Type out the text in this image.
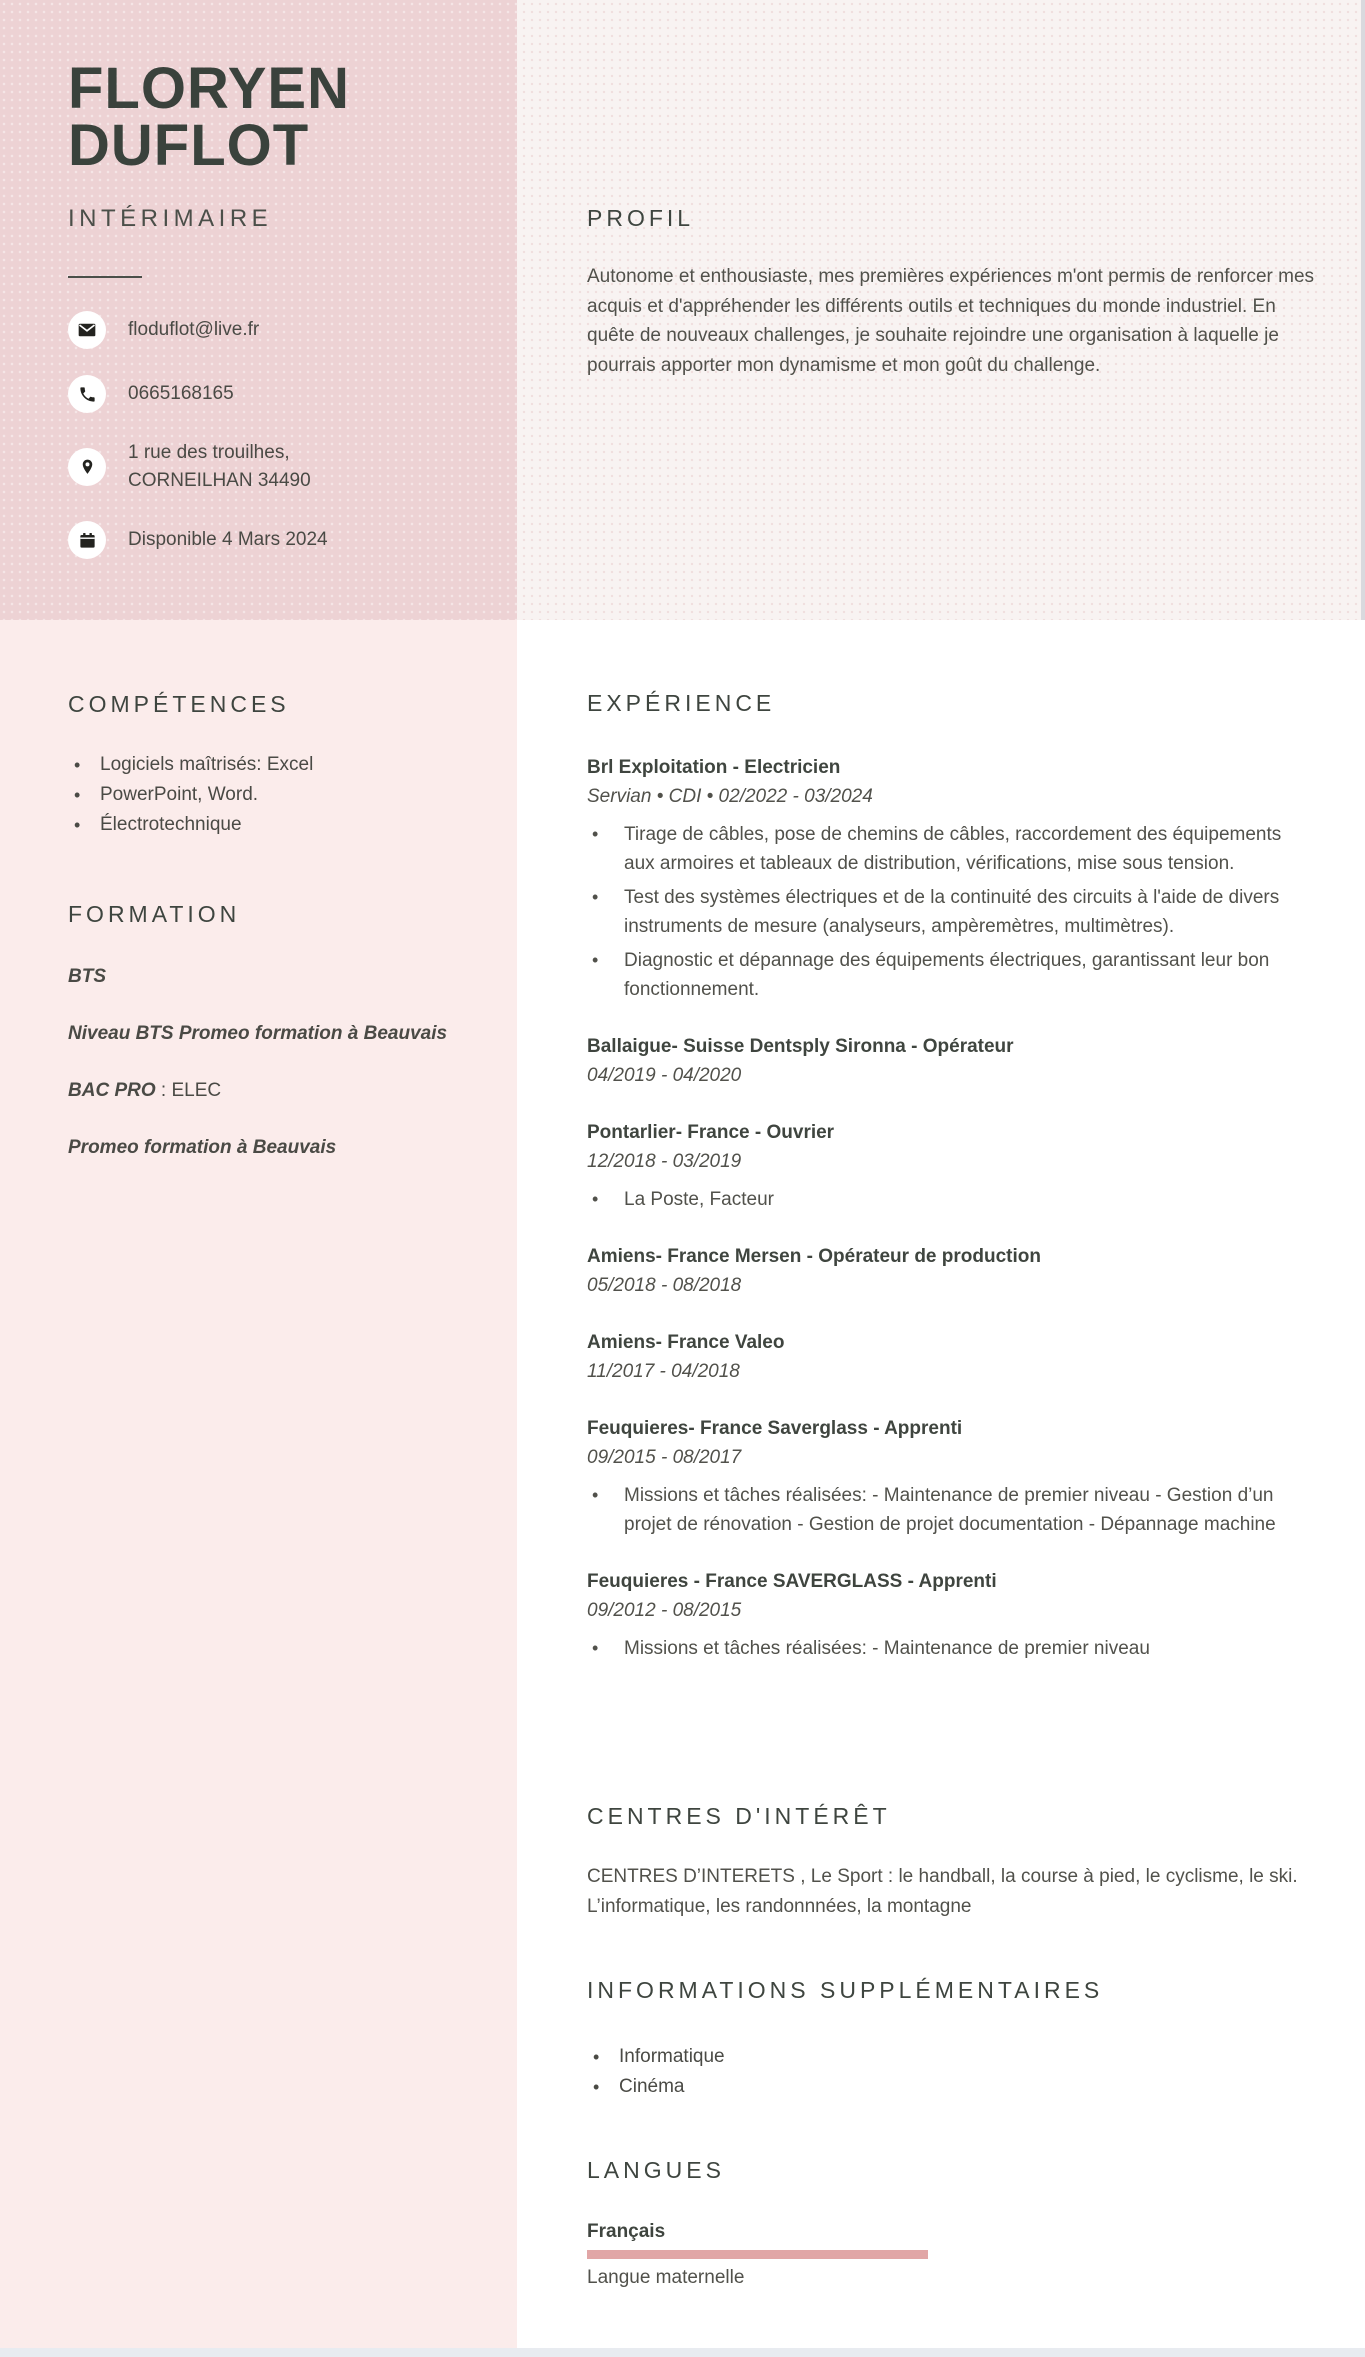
FLORYEN
DUFLOT
INTÉRIMAIRE
floduflot@live.fr
0665168165
1 rue des trouilhes,
CORNEILHAN 34490
Disponible 4 Mars 2024
COMPÉTENCES
• Logiciels maîtrisés: Excel
• PowerPoint, Word.
• Électrotechnique
FORMATION
BTS
Niveau BTS Promeo formation à Beauvais
BAC PRO : ELEC
Promeo formation à Beauvais
PROFIL

Autonome et enthousiaste, mes premières expériences m'ont permis de renforcer mes acquis et d'appréhender les différents outils et techniques du monde industriel. En quête de nouveaux challenges, je souhaite rejoindre une organisation à laquelle je pourrais apporter mon dynamisme et mon goût du challenge.

EXPÉRIENCE
Brl Exploitation - Electricien
Servian • CDI • 02/2022 - 03/2024
• Tirage de câbles, pose de chemins de câbles, raccordement des équipements aux armoires et tableaux de distribution, vérifications, mise sous tension.
• Test des systèmes électriques et de la continuité des circuits à l'aide de divers instruments de mesure (analyseurs, ampèremètres, multimètres).
• Diagnostic et dépannage des équipements électriques, garantissant leur bon fonctionnement.
Ballaigue- Suisse Dentsply Sironna - Opérateur
04/2019 - 04/2020
Pontarlier- France - Ouvrier
12/2018 - 03/2019
• La Poste, Facteur
Amiens- France Mersen - Opérateur de production
05/2018 - 08/2018
Amiens- France Valeo
11/2017 - 04/2018
Feuquieres- France Saverglass - Apprenti
09/2015 - 08/2017
• Missions et tâches réalisées: - Maintenance de premier niveau - Gestion d’un projet de rénovation - Gestion de projet documentation - Dépannage machine
Feuquieres - France SAVERGLASS - Apprenti
09/2012 - 08/2015
• Missions et tâches réalisées: - Maintenance de premier niveau
CENTRES D'INTÉRÊT

CENTRES D’INTERETS , Le Sport : le handball, la course à pied, le cyclisme, le ski. L’informatique, les randonnnées, la montagne

INFORMATIONS SUPPLÉMENTAIRES
• Informatique
• Cinéma
LANGUES
Français
Langue maternelle
